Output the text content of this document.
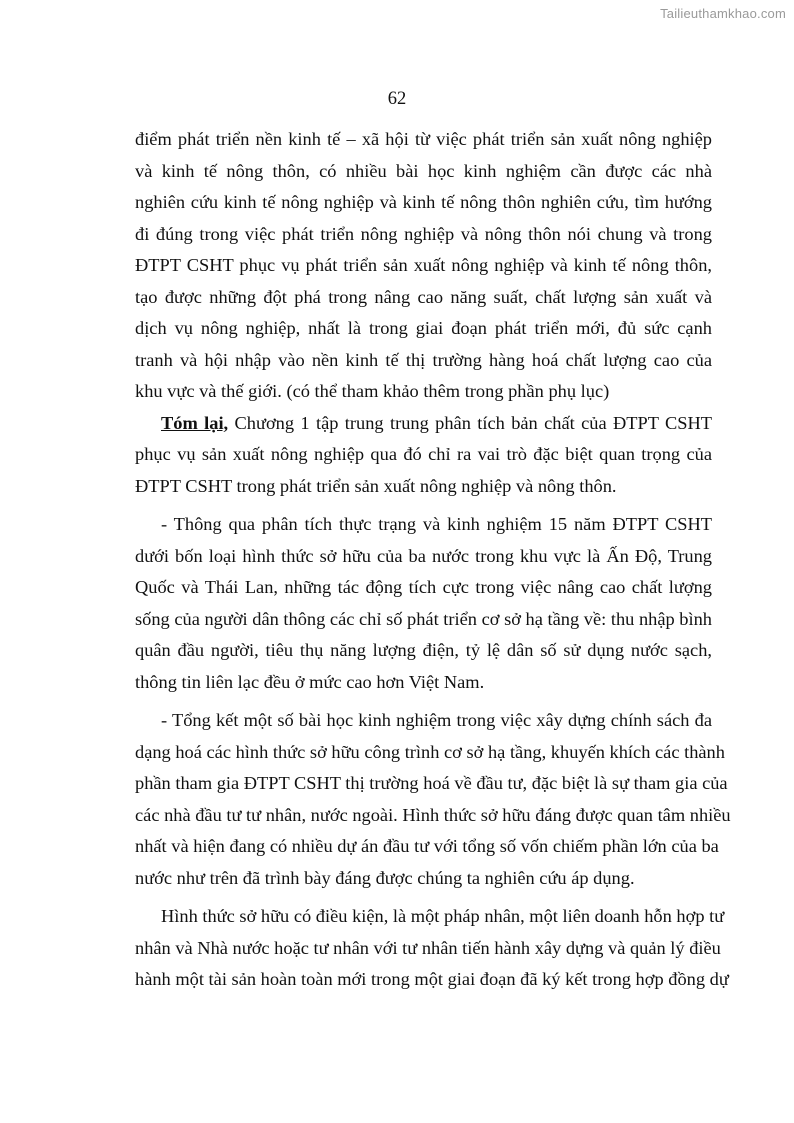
Tailieuthamkhao.com
62
điểm phát triển nền kinh tế – xã hội từ việc phát triển sản xuất nông nghiệp
và kinh tế nông thôn, có nhiều bài học kinh nghiệm cần được các nhà
nghiên cứu kinh tế nông nghiệp và kinh tế nông thôn nghiên cứu, tìm hướng
đi đúng trong việc phát triển nông nghiệp và nông thôn nói chung và trong
ĐTPT CSHT phục vụ phát triển sản xuất nông nghiệp và kinh tế nông thôn,
tạo được những đột phá trong nâng cao năng suất, chất lượng sản xuất và
dịch vụ nông nghiệp, nhất là trong giai đoạn phát triển mới, đủ sức cạnh
tranh và hội nhập vào nền kinh tế thị trường hàng hoá chất lượng cao của
khu vực và thế giới. (có thể tham khảo thêm trong phần phụ lục)
Tóm lại, Chương 1 tập trung trung phân tích bản chất của ĐTPT CSHT
phục vụ sản xuất nông nghiệp qua đó chỉ ra vai trò đặc biệt quan trọng của
ĐTPT CSHT trong phát triển sản xuất nông nghiệp và nông thôn.
- Thông qua phân tích thực trạng và kinh nghiệm 15 năm ĐTPT CSHT
dưới bốn loại hình thức sở hữu của ba nước trong khu vực là Ấn Độ, Trung
Quốc và Thái Lan, những tác động tích cực trong việc nâng cao chất lượng
sống của người dân thông các chỉ số phát triển cơ sở hạ tầng về: thu nhập bình
quân đầu người, tiêu thụ năng lượng điện, tỷ lệ dân số sử dụng nước sạch,
thông tin liên lạc đều ở mức cao hơn Việt Nam.
- Tổng kết một số bài học kinh nghiệm trong việc xây dựng chính sách đa
dạng hoá các hình thức sở hữu công trình cơ sở hạ tầng, khuyến khích các thành
phần tham gia ĐTPT CSHT thị trường hoá về đầu tư, đặc biệt là sự tham gia của
các nhà đầu tư tư nhân, nước ngoài. Hình thức sở hữu đáng được quan tâm nhiều
nhất và hiện đang có nhiều dự án đầu tư với tổng số vốn chiếm phần lớn của ba
nước như trên đã trình bày đáng được chúng ta nghiên cứu áp dụng.
Hình thức sở hữu có điều kiện, là một pháp nhân, một liên doanh hỗn hợp tư
nhân và Nhà nước hoặc tư nhân với tư nhân tiến hành xây dựng và quản lý điều
hành một tài sản hoàn toàn mới trong một giai đoạn đã ký kết trong hợp đồng dự
